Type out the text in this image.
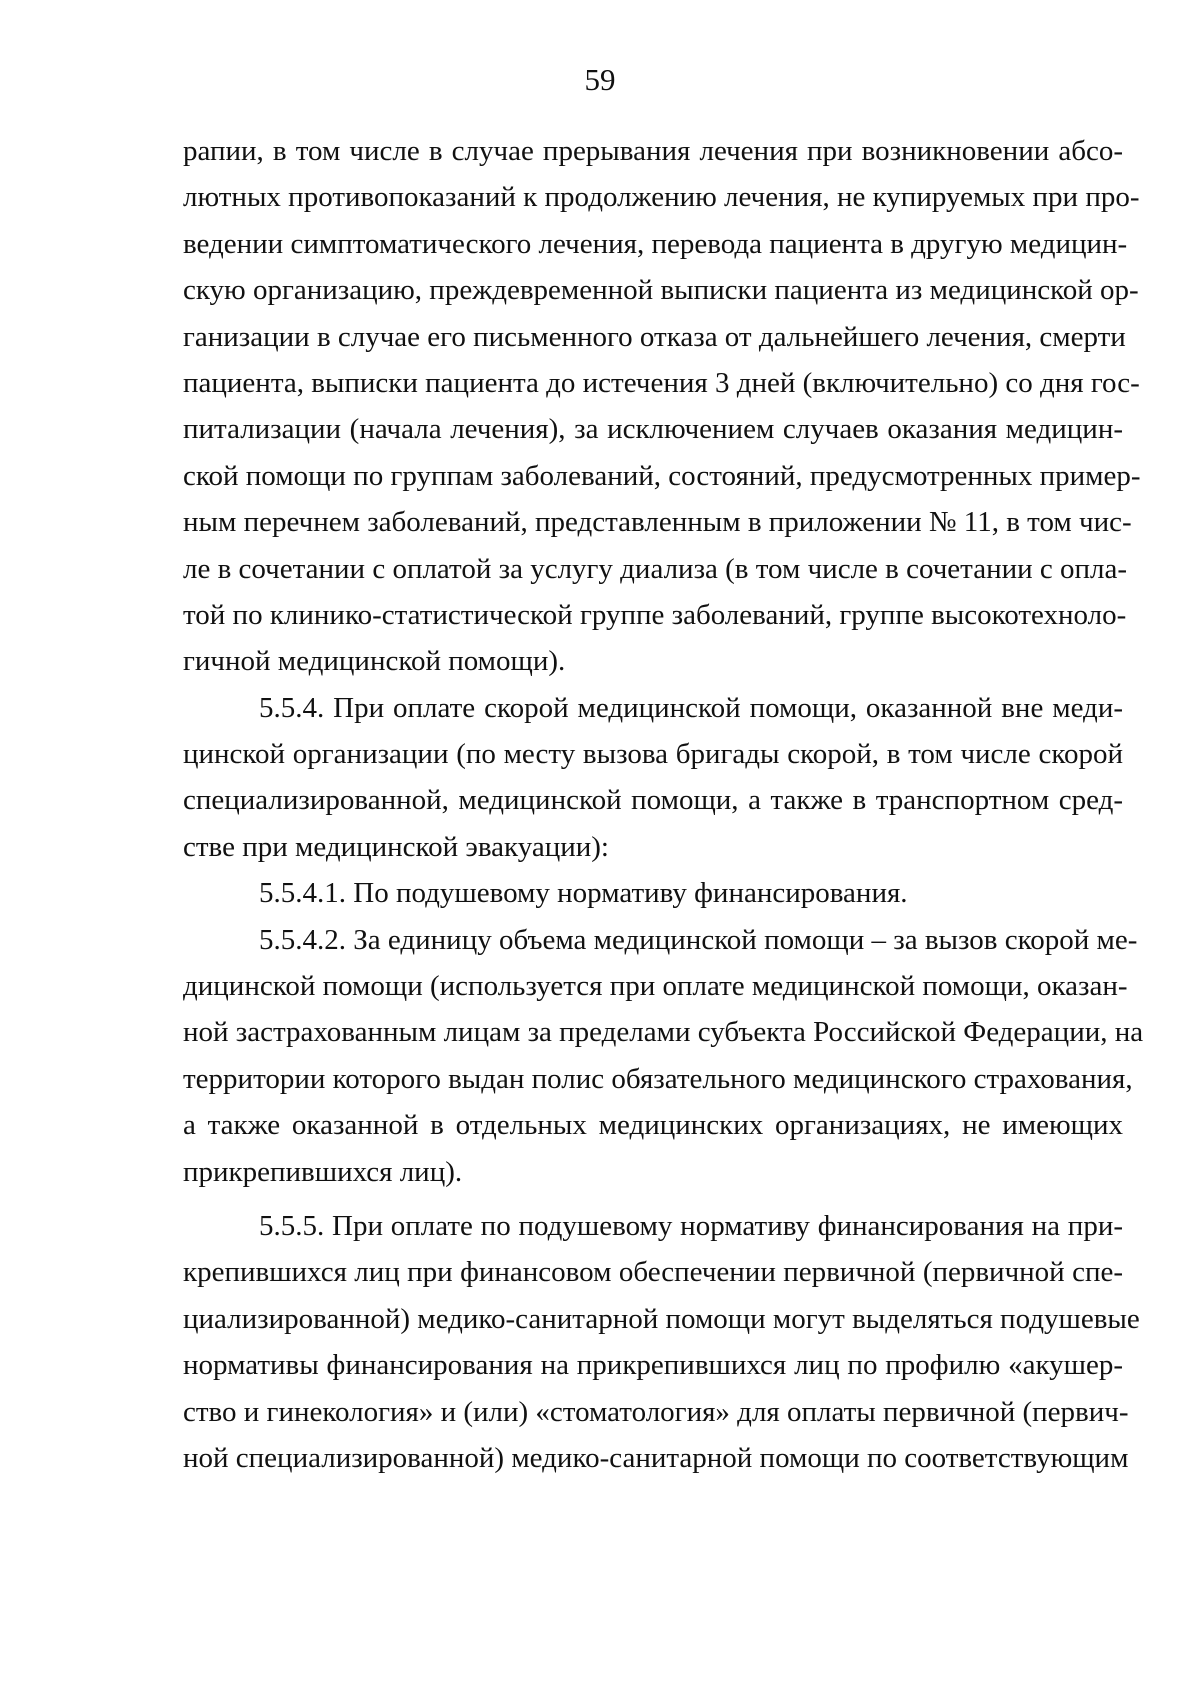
59
рапии, в том числе в случае прерывания лечения при возникновении абсо-
лютных противопоказаний к продолжению лечения, не купируемых при про-
ведении симптоматического лечения, перевода пациента в другую медицин-
скую организацию, преждевременной выписки пациента из медицинской ор-
ганизации в случае его письменного отказа от дальнейшего лечения, смерти
пациента, выписки пациента до истечения 3 дней (включительно) со дня гос-
питализации (начала лечения), за исключением случаев оказания медицин-
ской помощи по группам заболеваний, состояний, предусмотренных пример-
ным перечнем заболеваний, представленным в приложении № 11, в том чис-
ле в сочетании с оплатой за услугу диализа (в том числе в сочетании с опла-
той по клинико-статистической группе заболеваний, группе высокотехноло-
гичной медицинской помощи).
5.5.4. При оплате скорой медицинской помощи, оказанной вне меди-
цинской организации (по месту вызова бригады скорой, в том числе скорой
специализированной, медицинской помощи, а также в транспортном сред-
стве при медицинской эвакуации):
5.5.4.1. По подушевому нормативу финансирования.
5.5.4.2. За единицу объема медицинской помощи – за вызов скорой ме-
дицинской помощи (используется при оплате медицинской помощи, оказан-
ной застрахованным лицам за пределами субъекта Российской Федерации, на
территории которого выдан полис обязательного медицинского страхования,
а также оказанной в отдельных медицинских организациях, не имеющих
прикрепившихся лиц).
5.5.5. При оплате по подушевому нормативу финансирования на при-
крепившихся лиц при финансовом обеспечении первичной (первичной спе-
циализированной) медико-санитарной помощи могут выделяться подушевые
нормативы финансирования на прикрепившихся лиц по профилю «акушер-
ство и гинекология» и (или) «стоматология» для оплаты первичной (первич-
ной специализированной) медико-санитарной помощи по соответствующим
